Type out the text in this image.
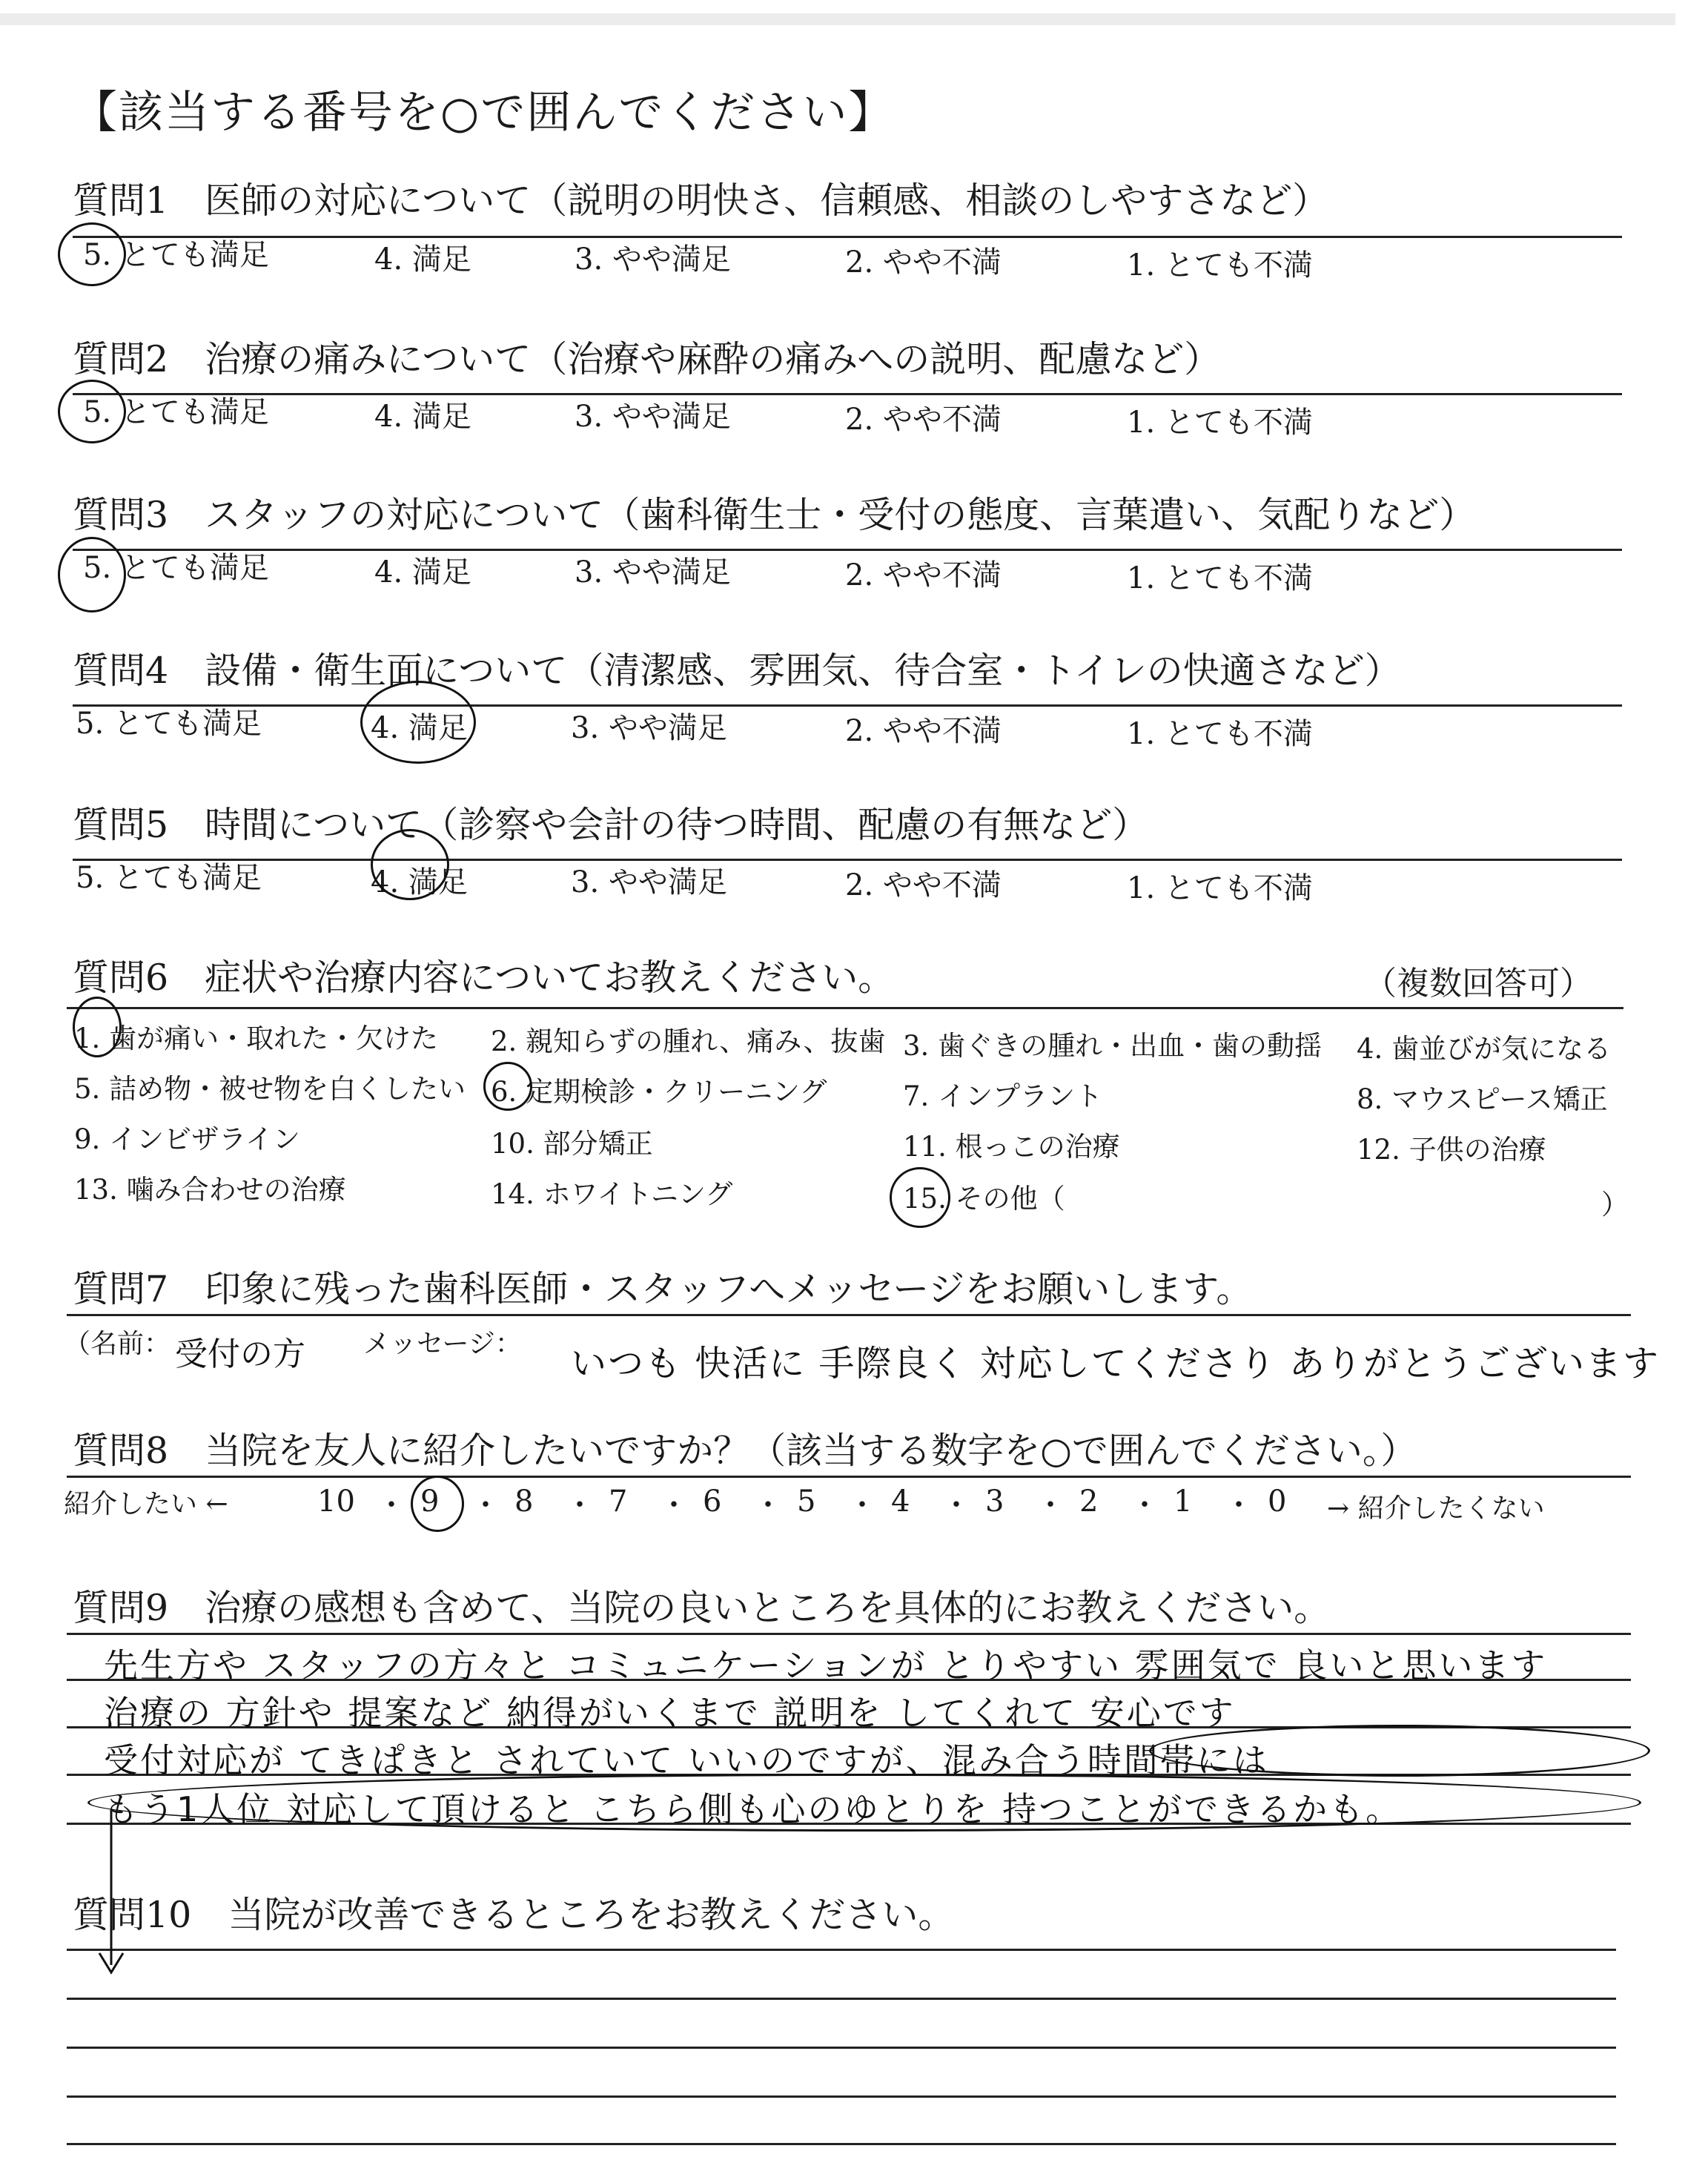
【該当する番号を○で囲んでください】
質問1　医師の対応について（説明の明快さ、信頼感、相談のしやすさなど）
5. とても満足	4. 満足	3. やや満足	2. やや不満	1. とても不満
質問2　治療の痛みについて（治療や麻酔の痛みへの説明、配慮など）
5. とても満足	4. 満足	3. やや満足	2. やや不満	1. とても不満
質問3　スタッフの対応について（歯科衛生士・受付の態度、言葉遣い、気配りなど）
5. とても満足	4. 満足	3. やや満足	2. やや不満	1. とても不満
質問4　設備・衛生面について（清潔感、雰囲気、待合室・トイレの快適さなど）
5. とても満足	4. 満足	3. やや満足	2. やや不満	1. とても不満
質問5　時間について（診察や会計の待つ時間、配慮の有無など）
5. とても満足	4. 満足	3. やや満足	2. やや不満	1. とても不満
質問6　症状や治療内容についてお教えください。	（複数回答可）
1. 歯が痛い・取れた・欠けた 2. 親知らずの腫れ、痛み、抜歯 3. 歯ぐきの腫れ・出血・歯の動揺 4. 歯並びが気になる
5. 詰め物・被せ物を白くしたい 6. 定期検診・クリーニング	7. インプラント	8. マウスピース矯正
9. インビザライン	10. 部分矯正	11. 根っこの治療	12. 子供の治療
13. 噛み合わせの治療	14. ホワイトニング	15. その他（	）
質問7　印象に残った歯科医師・スタッフへメッセージをお願いします。
（名前： 受付の方 メッセージ： いつも 快活に 手際良く 対応してくださり ありがとうございます
質問8　当院を友人に紹介したいですか？（該当する数字を○で囲んでください。）
紹介したい ←	→ 紹介したくない
10 ・ 9 ・ 8 ・ 7 ・ 6 ・ 5 ・ 4 ・ 3 ・ 2 ・ 1 ・ 0
質問9　治療の感想も含めて、当院の良いところを具体的にお教えください。
先生方や スタッフの方々と コミュニケーションが とりやすい 雰囲気で 良いと思います
治療の 方針や 提案など 納得がいくまで 説明を してくれて 安心です
受付対応が てきぱきと されていて いいのですが、混み合う時間帯には
もう1人位 対応して頂けると こちら側も心のゆとりを 持つことができるかも。
質問10　当院が改善できるところをお教えください。
